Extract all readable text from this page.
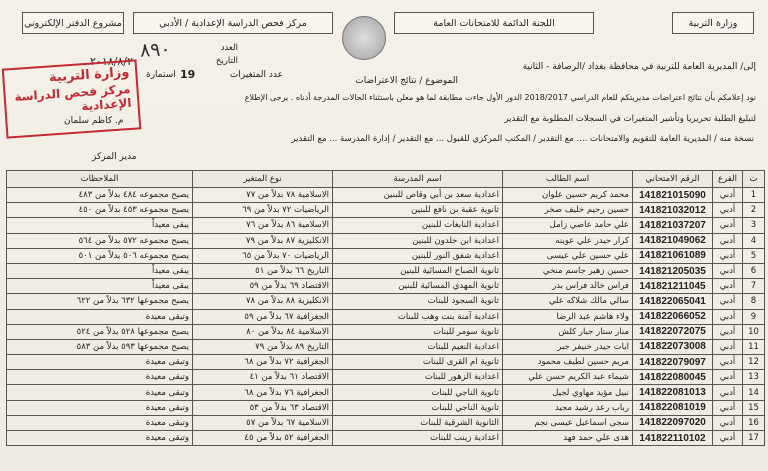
مشروع الدفتر الإلكتروني	مركز فحص الدراسة الإعدادية / الأدبي	اللجنة الدائمة للامتحانات العامة	وزارة التربية
العدد
التاريخ
٨٩٠
٢٠١٨/٨/٢
عدد المتغيرات
19
استمارة
إلى/ المديرية العامة للتربية في محافظة بغداد /الرصافة - الثانية
الموضوع / نتائج الاعتراضات
نود إعلامكم بأن نتائج اعتراضات مديريتكم للعام الدراسي 2018/2017 الدور الأول جاءت مطابقة لما هو معلن باستثناء الحالات المدرجة أدناه . يرجى الإطلاع
لتبليغ الطلبة تحريريا وتأشير المتغيرات في السجلات المطلوبة مع التقدير
نسخة منه / المديرية العامة للتقويم والامتحانات .... مع التقدير / المكتب المركزي للقبول ... مع التقدير / إدارة المدرسة ... مع التقدير
م. كاظم سلمان
مدير المركز
وزارة التربية
مركز فحص الدراسة الإعدادية
ت	الفرع	الرقم الامتحاني	اسم الطالب	اسم المدرسة	نوع المتغير	الملاحظات
1	أدبي	141821015090	محمد كريم حسين علوان	اعدادية سعد بن أبي وقاص للبنين	الاسلامية ٧٨ بدلاً من ٧٧	يصبح مجموعه ٤٨٤ بدلاً من ٤٨٣
2	أدبي	141821032012	حسين رحيم خليف صخر	ثانوية عقبة بن نافع للبنين	الرياضيات ٧٢ بدلاً من ٦٩	يصبح مجموعه ٤٥٣ بدلاً من ٤٥٠
3	أدبي	141821037207	علي حامد عاصي زامل	اعدادية النابغات للبنين	الاسلامية ٨٦ بدلاً من ٧٦	يبقى معيداً
4	أدبي	141821049062	كرار حيدر علي عوينه	اعدادية ابن خلدون للبنين	الانكليزية ٨٧ بدلاً من ٧٩	يصبح مجموعه ٥٧٢ بدلاً من ٥٦٤
5	أدبي	141821061089	علي حسين علي عيسى	اعدادية شفق النور للبنين	الرياضيات ٧٠ بدلاً من ٦٥	يصبح مجموعه ٥٠٦ بدلاً من ٥٠١
6	أدبي	141821205035	حسين زهير جاسم منخي	ثانوية الصباح المسائية للبنين	التاريخ ٦٦ بدلاً من ٥١	يبقى معيداً
7	أدبي	141821211045	فراس خالد فراس بدر	ثانوية المهدي المسائية للبنين	الاقتصاد ٦٩ بدلاً من ٥٩	يبقى معيداً
8	أدبي	141822065041	سالي مالك شلاكه علي	ثانوية السجود للبنات	الانكليزية ٨٨ بدلاً من ٧٨	يصبح مجموعها ٦٣٢ بدلاً من ٦٢٢
9	أدبي	141822066052	ولاء هاشم عبد الرضا	اعدادية آمنة بنت وهب للبنات	الجغرافية ٦٧ بدلاً من ٥٩	وتبقى معيدة
10	أدبي	141822072075	منار ستار جبار كلش	ثانوية سومر للبنات	الاسلامية ٨٤ بدلاً من ٨٠	يصبح مجموعها ٥٢٨ بدلاً من ٥٢٤
11	أدبي	141822073008	ايات حيدر خنيفر جبر	اعدادية النعيم للبنات	التاريخ ٨٩ بدلاً من ٧٩	يصبح مجموعها ٥٩٣ بدلاً من ٥٨٣
12	أدبي	141822079097	مريم حسين لطيف محمود	ثانوية ام القرى للبنات	الجغرافية ٧٢ بدلاً من ٦٨	وتبقى معيدة
13	أدبي	141822080045	شيماء عبد الكريم حسن علي	اعدادية الزهور للبنات	الاقتصاد ٦١ بدلاً من ٤١	وتبقى معيدة
14	أدبي	141822081013	نبيل مؤيد مهاوي لجيل	ثانوية الناجي للبنات	الجغرافية ٧٦ بدلاً من ٦٨	وتبقى معيدة
15	أدبي	141822081019	رباب رعد رشيد مجيد	ثانوية الناجي للبنات	الاقتصاد ٦٣ بدلاً من ٥٣	وتبقى معيدة
16	أدبي	141822097020	سجى اسماعيل عيسى نجم	الثانوية الشرقية للبنات	الاسلامية ٦٧ بدلاً من ٥٧	وتبقى معيدة
17	أدبي	141822110102	هدى علي حمد فهد	اعدادية زينب للبنات	الجغرافية ٥٢ بدلاً من ٤٥	وتبقى معيدة
